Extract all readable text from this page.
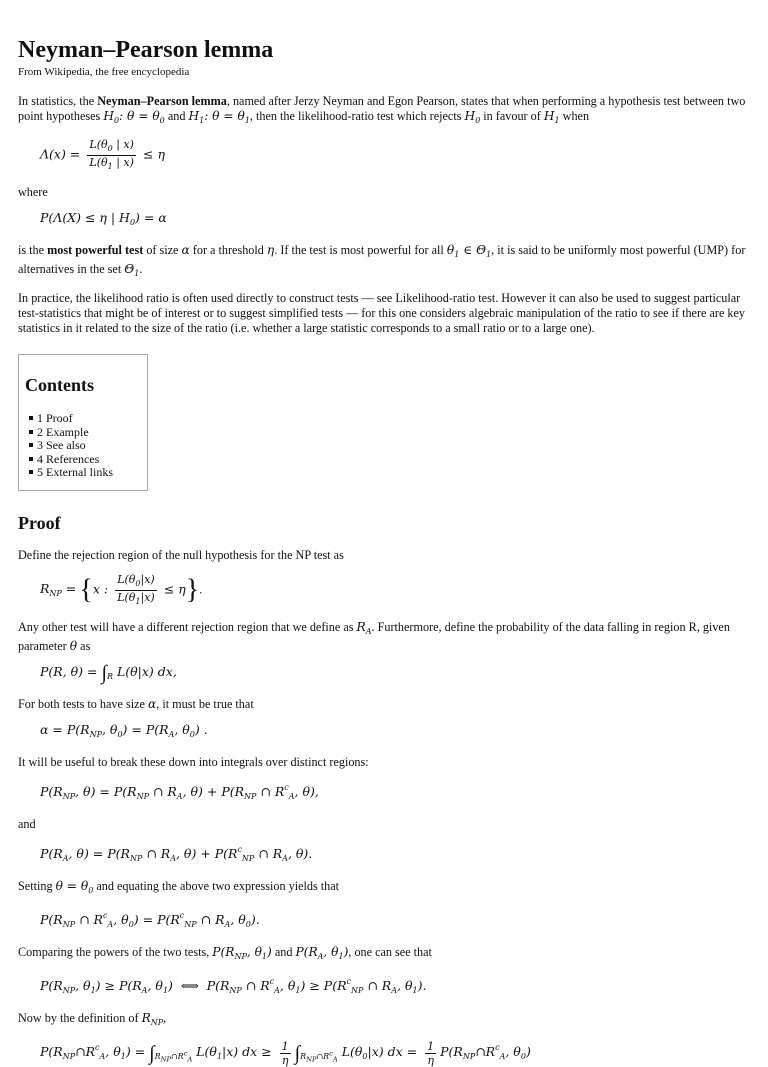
Neyman–Pearson lemma
From Wikipedia, the free encyclopedia

In statistics, the Neyman–Pearson lemma, named after Jerzy Neyman and Egon Pearson, states that when performing a hypothesis test between two point hypotheses $H_0$: $\theta = \theta_0$ and $H_1$: $\theta = \theta_1$, then the likelihood-ratio test which rejects $H_0$ in favour of $H_1$ when

$\Lambda(x) = \frac{L(\theta_0 | x)}{L(\theta_1 | x)} \le \eta$

where

P(Λ(X) ≤ η | $H_0) = \alpha$

is the most powerful test of size α for a threshold η. If the test is most powerful for all $\theta_1$ ∈ $\Theta_1$, it is said to be uniformly most powerful (UMP) for alternatives in the set $\Theta_1$.

In practice, the likelihood ratio is often used directly to construct tests — see Likelihood-ratio test. However it can also be used to suggest particular test-statistics that might be of interest or to suggest simplified tests — for this one considers algebraic manipulation of the ratio to see if there are key statistics in it related to the size of the ratio (i.e. whether a large statistic corresponds to a small ratio or to a large one).

Contents
1 Proof
2 Example
3 See also
4 References
5 External links
Proof

Define the rejection region of the null hypothesis for the NP test as

$R_{NP} = \{x$ : $\frac{L(\theta_0|x)}{L(\theta_1|x)} \le \eta$}.

Any other test will have a different rejection region that we define as $R_A$. Furthermore, define the probability of the data falling in region R, given parameter θ as

P(R, $\theta) = \int_R$ L(θ|x) dx,

For both tests to have size α, it must be true that

$\alpha = P(R_{NP}$, $\theta_0) = P(R_A$, $\theta_0$) .

It will be useful to break these down into integrals over distinct regions:

$P(R_{NP}$, $\theta) = P(R_{NP}$ ∩ $R_A$, $\theta) + P(R_{NP}$ ∩ $R^c_A$, θ),

and

$P(R_A$, $\theta) = P(R_{NP}$ ∩ $R_A$, $\theta) + P(R^c_{NP}$ ∩ $R_A$, θ).

Setting $\theta = \theta_0$ and equating the above two expression yields that

$P(R_{NP}$ ∩ $R^c_A$, $\theta_0) = P(R^c_{NP}$ ∩ $R_A$, $\theta_0$).

Comparing the powers of the two tests, $P(R_{NP}$, $\theta_1$) and $P(R_A$, $\theta_1$), one can see that

$P(R_{NP}$, $\theta_1) \ge P(R_A$, $\theta_1$)  ⟺  $P(R_{NP}$ ∩ $R^c_A$, $\theta_1) \ge P(R^c_{NP}$ ∩ $R_A$, $\theta_1$).

Now by the definition of $R_{NP}$,

$P(R_{NP}\cap R^c_A$, $\theta_1) = \int_{R_{NP}\cap R^c_A}$ $L(\theta_1|x)$ dx ≥ $\frac{1}{\eta} \int_{R_{NP}\cap R^c_A}$ $L(\theta_0|x)$ dx = $\frac{1}{\eta}$ $P(R_{NP}\cap R^c_A$, $\theta_0$)
